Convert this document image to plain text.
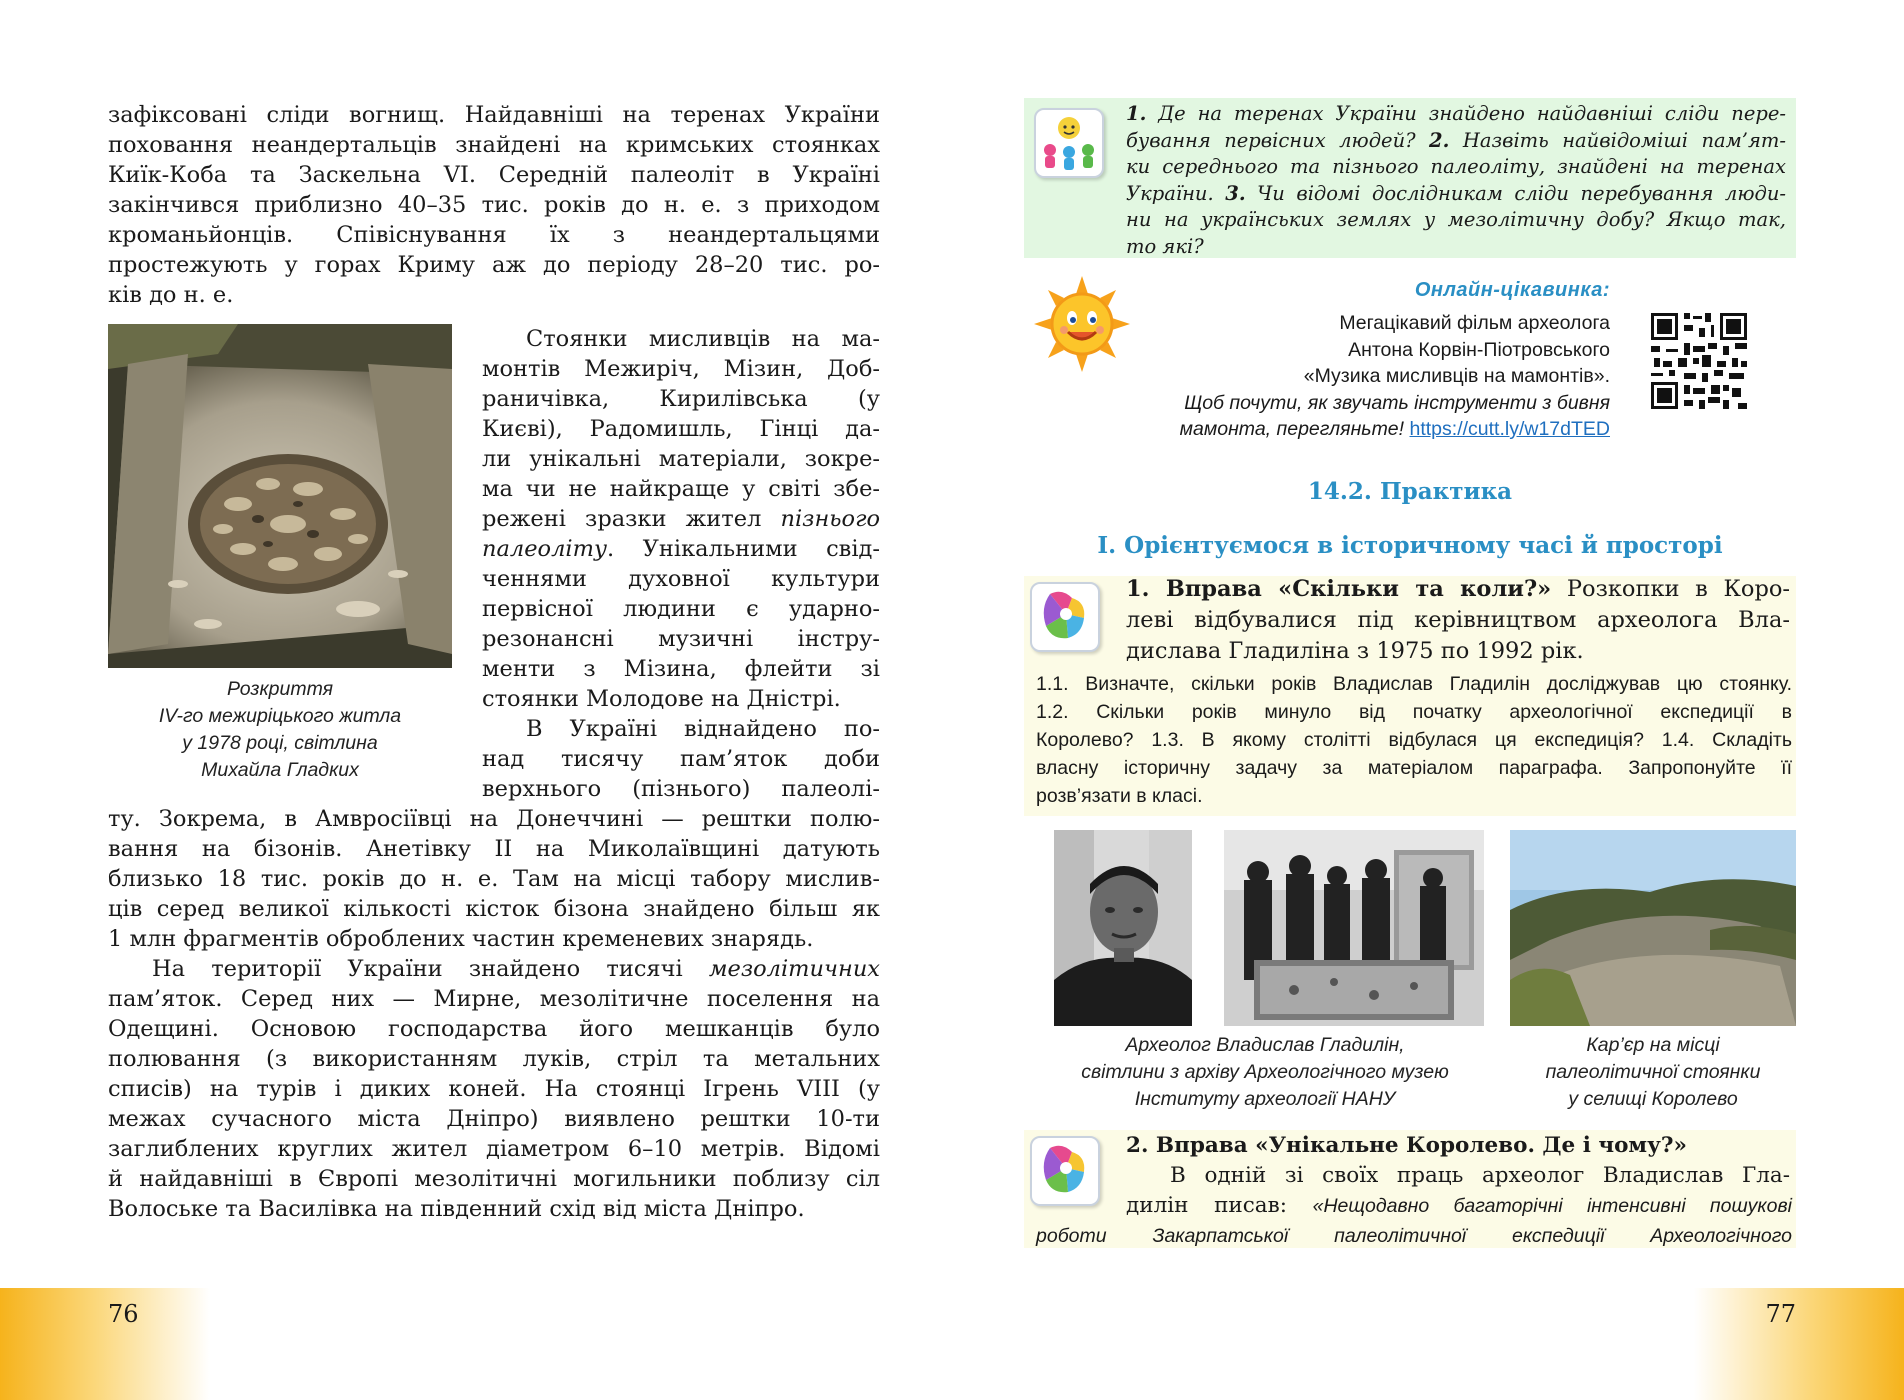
зафіксовані сліди вогнищ. Найдавніші на теренах України
поховання неандертальців знайдені на кримських стоянках
Киїк-Коба та Заскельна VI. Середній палеоліт в Україні
закінчився приблизно 40–35 тис. років до н. е. з приходом
кроманьйонців. Співіснування їх з неандертальцями
простежують у горах Криму аж до періоду 28–20 тис. ро-
ків до н. е.
Розкриття
IV-го межиріцького житла
у 1978 році, світлина
Михайла Гладких
Стоянки мисливців на ма-
монтів Межиріч, Мізин, Доб-
раничівка, Кирилівська (у
Києві), Радомишль, Гінці да-
ли унікальні матеріали, зокре-
ма чи не найкраще у світі збе-
режені зразки жител пізнього
палеоліту. Унікальними свід-
ченнями духовної культури
первісної людини є ударно-
резонансні музичні інстру-
менти з Мізина, флейти зі
стоянки Молодове на Дністрі.
В Україні віднайдено по-
над тисячу пам’яток доби
верхнього (пізнього) палеолі-
ту. Зокрема, в Амвросіївці на Донеччині — рештки полю-
вання на бізонів. Анетівку ІІ на Миколаївщині датують
близько 18 тис. років до н. е. Там на місці табору мислив-
ців серед великої кількості кісток бізона знайдено більш як
1 млн фрагментів оброблених частин кременевих знарядь.
На території України знайдено тисячі мезолітичних
пам’яток. Серед них — Мирне, мезолітичне поселення на
Одещині. Основою господарства його мешканців було
полювання (з використанням луків, стріл та метальних
списів) на турів і диких коней. На стоянці Ігрень VIII (у
межах сучасного міста Дніпро) виявлено рештки 10-ти
заглиблених круглих жител діаметром 6–10 метрів. Відомі
й найдавніші в Європі мезолітичні могильники поблизу сіл
Волоське та Василівка на південний схід від міста Дніпро.
1. Де на теренах України знайдено найдавніші сліди пере-
бування первісних людей? 2. Назвіть найвідоміші пам’ят-
ки середнього та пізнього палеоліту, знайдені на теренах
України. 3. Чи відомі дослідникам сліди перебування люди-
ни на українських землях у мезолітичну добу? Якщо так,
то які?
Онлайн-цікавинка:
Мегацікавий фільм археолога
Антона Корвін-Піотровського
«Музика мисливців на мамонтів».
Щоб почути, як звучать інструменти з бивня
мамонта, перегляньте! https://cutt.ly/w17dTED
14.2. Практика
І. Орієнтуємося в історичному часі й просторі
1. Вправа «Скільки та коли?» Розкопки в Коро-
леві відбувалися під керівництвом археолога Вла-
дислава Гладиліна з 1975 по 1992 рік.
1.1. Визначте, скільки років Владислав Гладилін досліджував цю стоянку.
1.2. Скільки років минуло від початку археологічної експедиції в
Королево? 1.3. В якому столітті відбулася ця експедиція? 1.4. Складіть
власну історичну задачу за матеріалом параграфа. Запропонуйте її
розв’язати в класі.
Археолог Владислав Гладилін,
світлини з архіву Археологічного музею
Інституту археології НАНУ
Кар’єр на місці
палеолітичної стоянки
у селищі Королево
2. Вправа «Унікальне Королево. Де і чому?»
В одній зі своїх праць археолог Владислав Гла-
дилін писав: «Нещодавно багаторічні інтенсивні пошукові
роботи Закарпатської палеолітичної експедиції Археологічного
76	77
